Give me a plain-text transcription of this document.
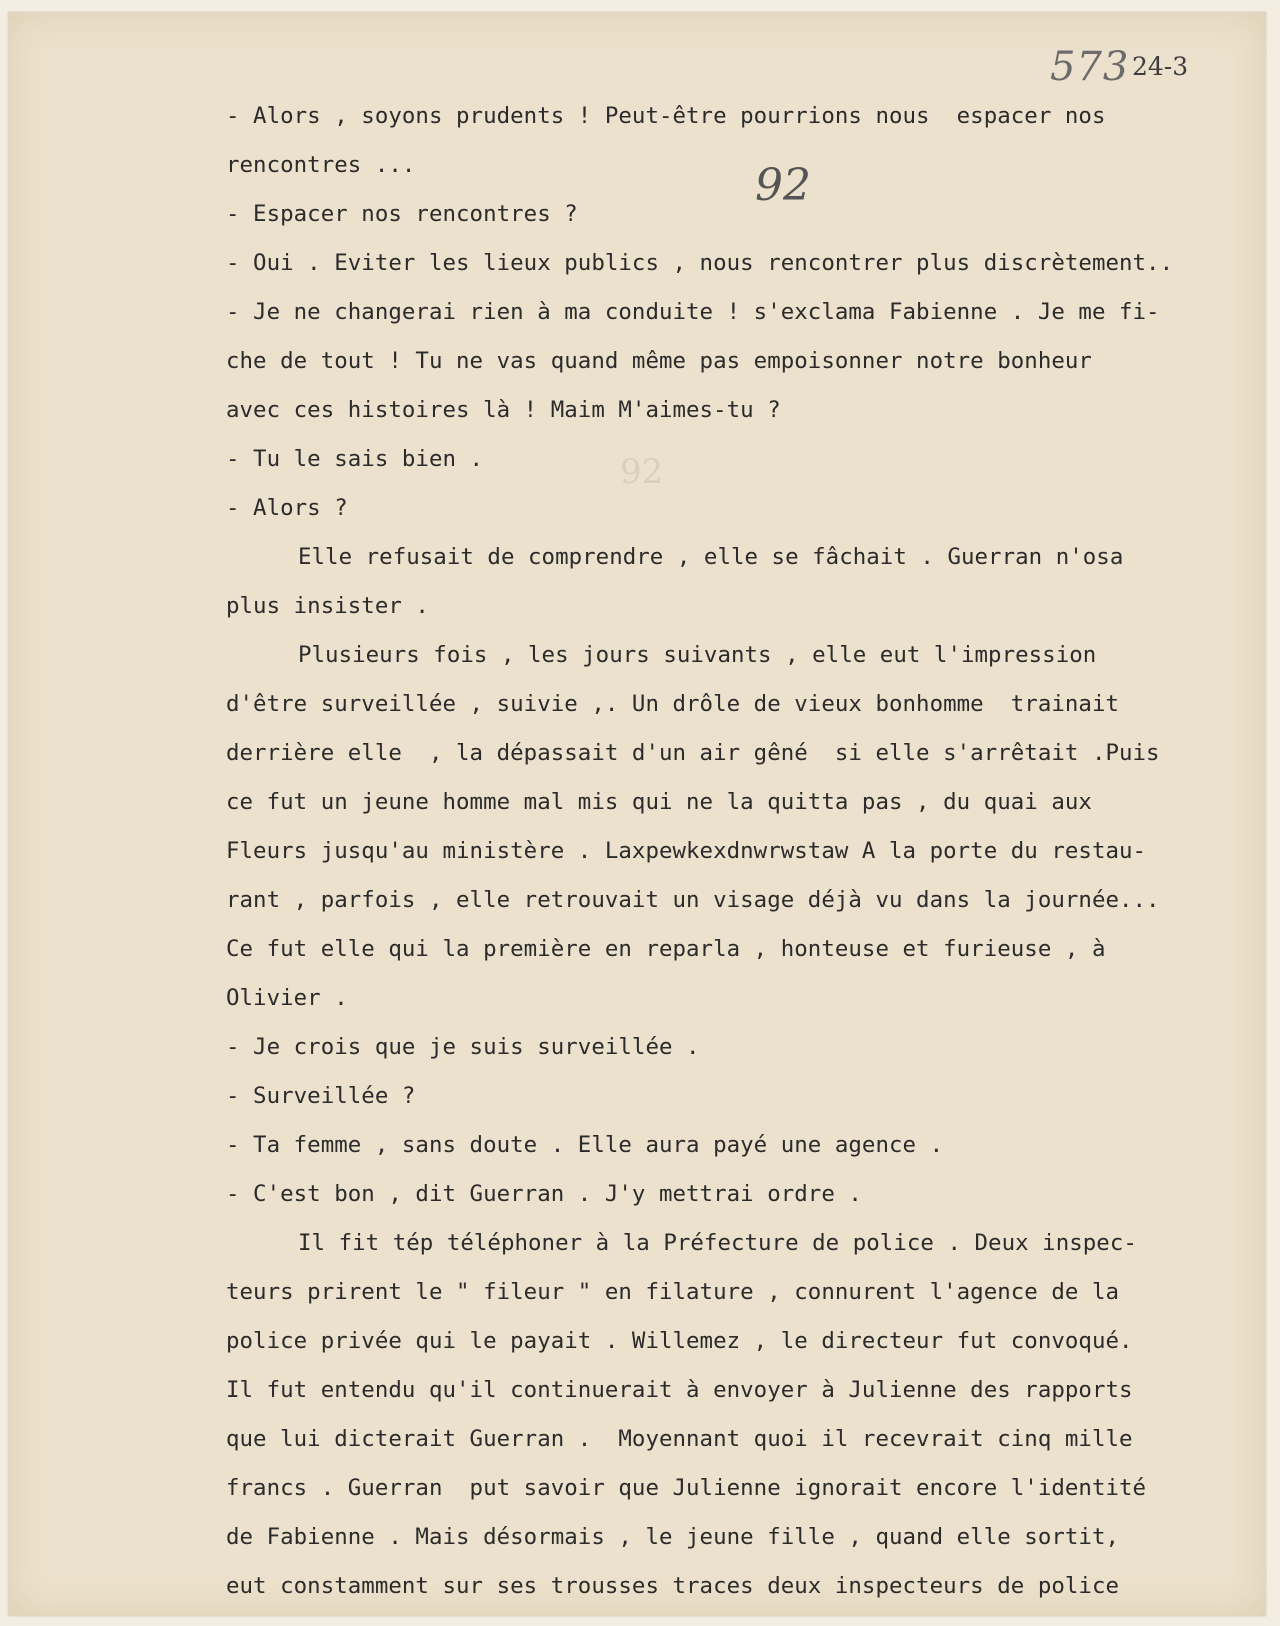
573 24-3
92
92
- Alors , soyons prudents ! Peut-être pourrions nous  espacer nos
rencontres ...
- Espacer nos rencontres ?
- Oui . Eviter les lieux publics , nous rencontrer plus discrètement..
- Je ne changerai rien à ma conduite ! s'exclama Fabienne . Je me fi-
che de tout ! Tu ne vas quand même pas empoisonner notre bonheur
avec ces histoires là ! Maim M'aimes-tu ?
- Tu le sais bien .
- Alors ?
Elle refusait de comprendre , elle se fâchait . Guerran n'osa
plus insister .
Plusieurs fois , les jours suivants , elle eut l'impression
d'être surveillée , suivie ,. Un drôle de vieux bonhomme  trainait
derrière elle  , la dépassait d'un air gêné  si elle s'arrêtait .Puis
ce fut un jeune homme mal mis qui ne la quitta pas , du quai aux
Fleurs jusqu'au ministère . Laxpewkexdnwrwstaw A la porte du restau-
rant , parfois , elle retrouvait un visage déjà vu dans la journée...
Ce fut elle qui la première en reparla , honteuse et furieuse , à
Olivier .
- Je crois que je suis surveillée .
- Surveillée ?
- Ta femme , sans doute . Elle aura payé une agence .
- C'est bon , dit Guerran . J'y mettrai ordre .
Il fit tép téléphoner à la Préfecture de police . Deux inspec-
teurs prirent le " fileur " en filature , connurent l'agence de la
police privée qui le payait . Willemez , le directeur fut convoqué.
Il fut entendu qu'il continuerait à envoyer à Julienne des rapports
que lui dicterait Guerran .  Moyennant quoi il recevrait cinq mille
francs . Guerran  put savoir que Julienne ignorait encore l'identité
de Fabienne . Mais désormais , le jeune fille , quand elle sortit,
eut constamment sur ses trousses traces deux inspecteurs de police
